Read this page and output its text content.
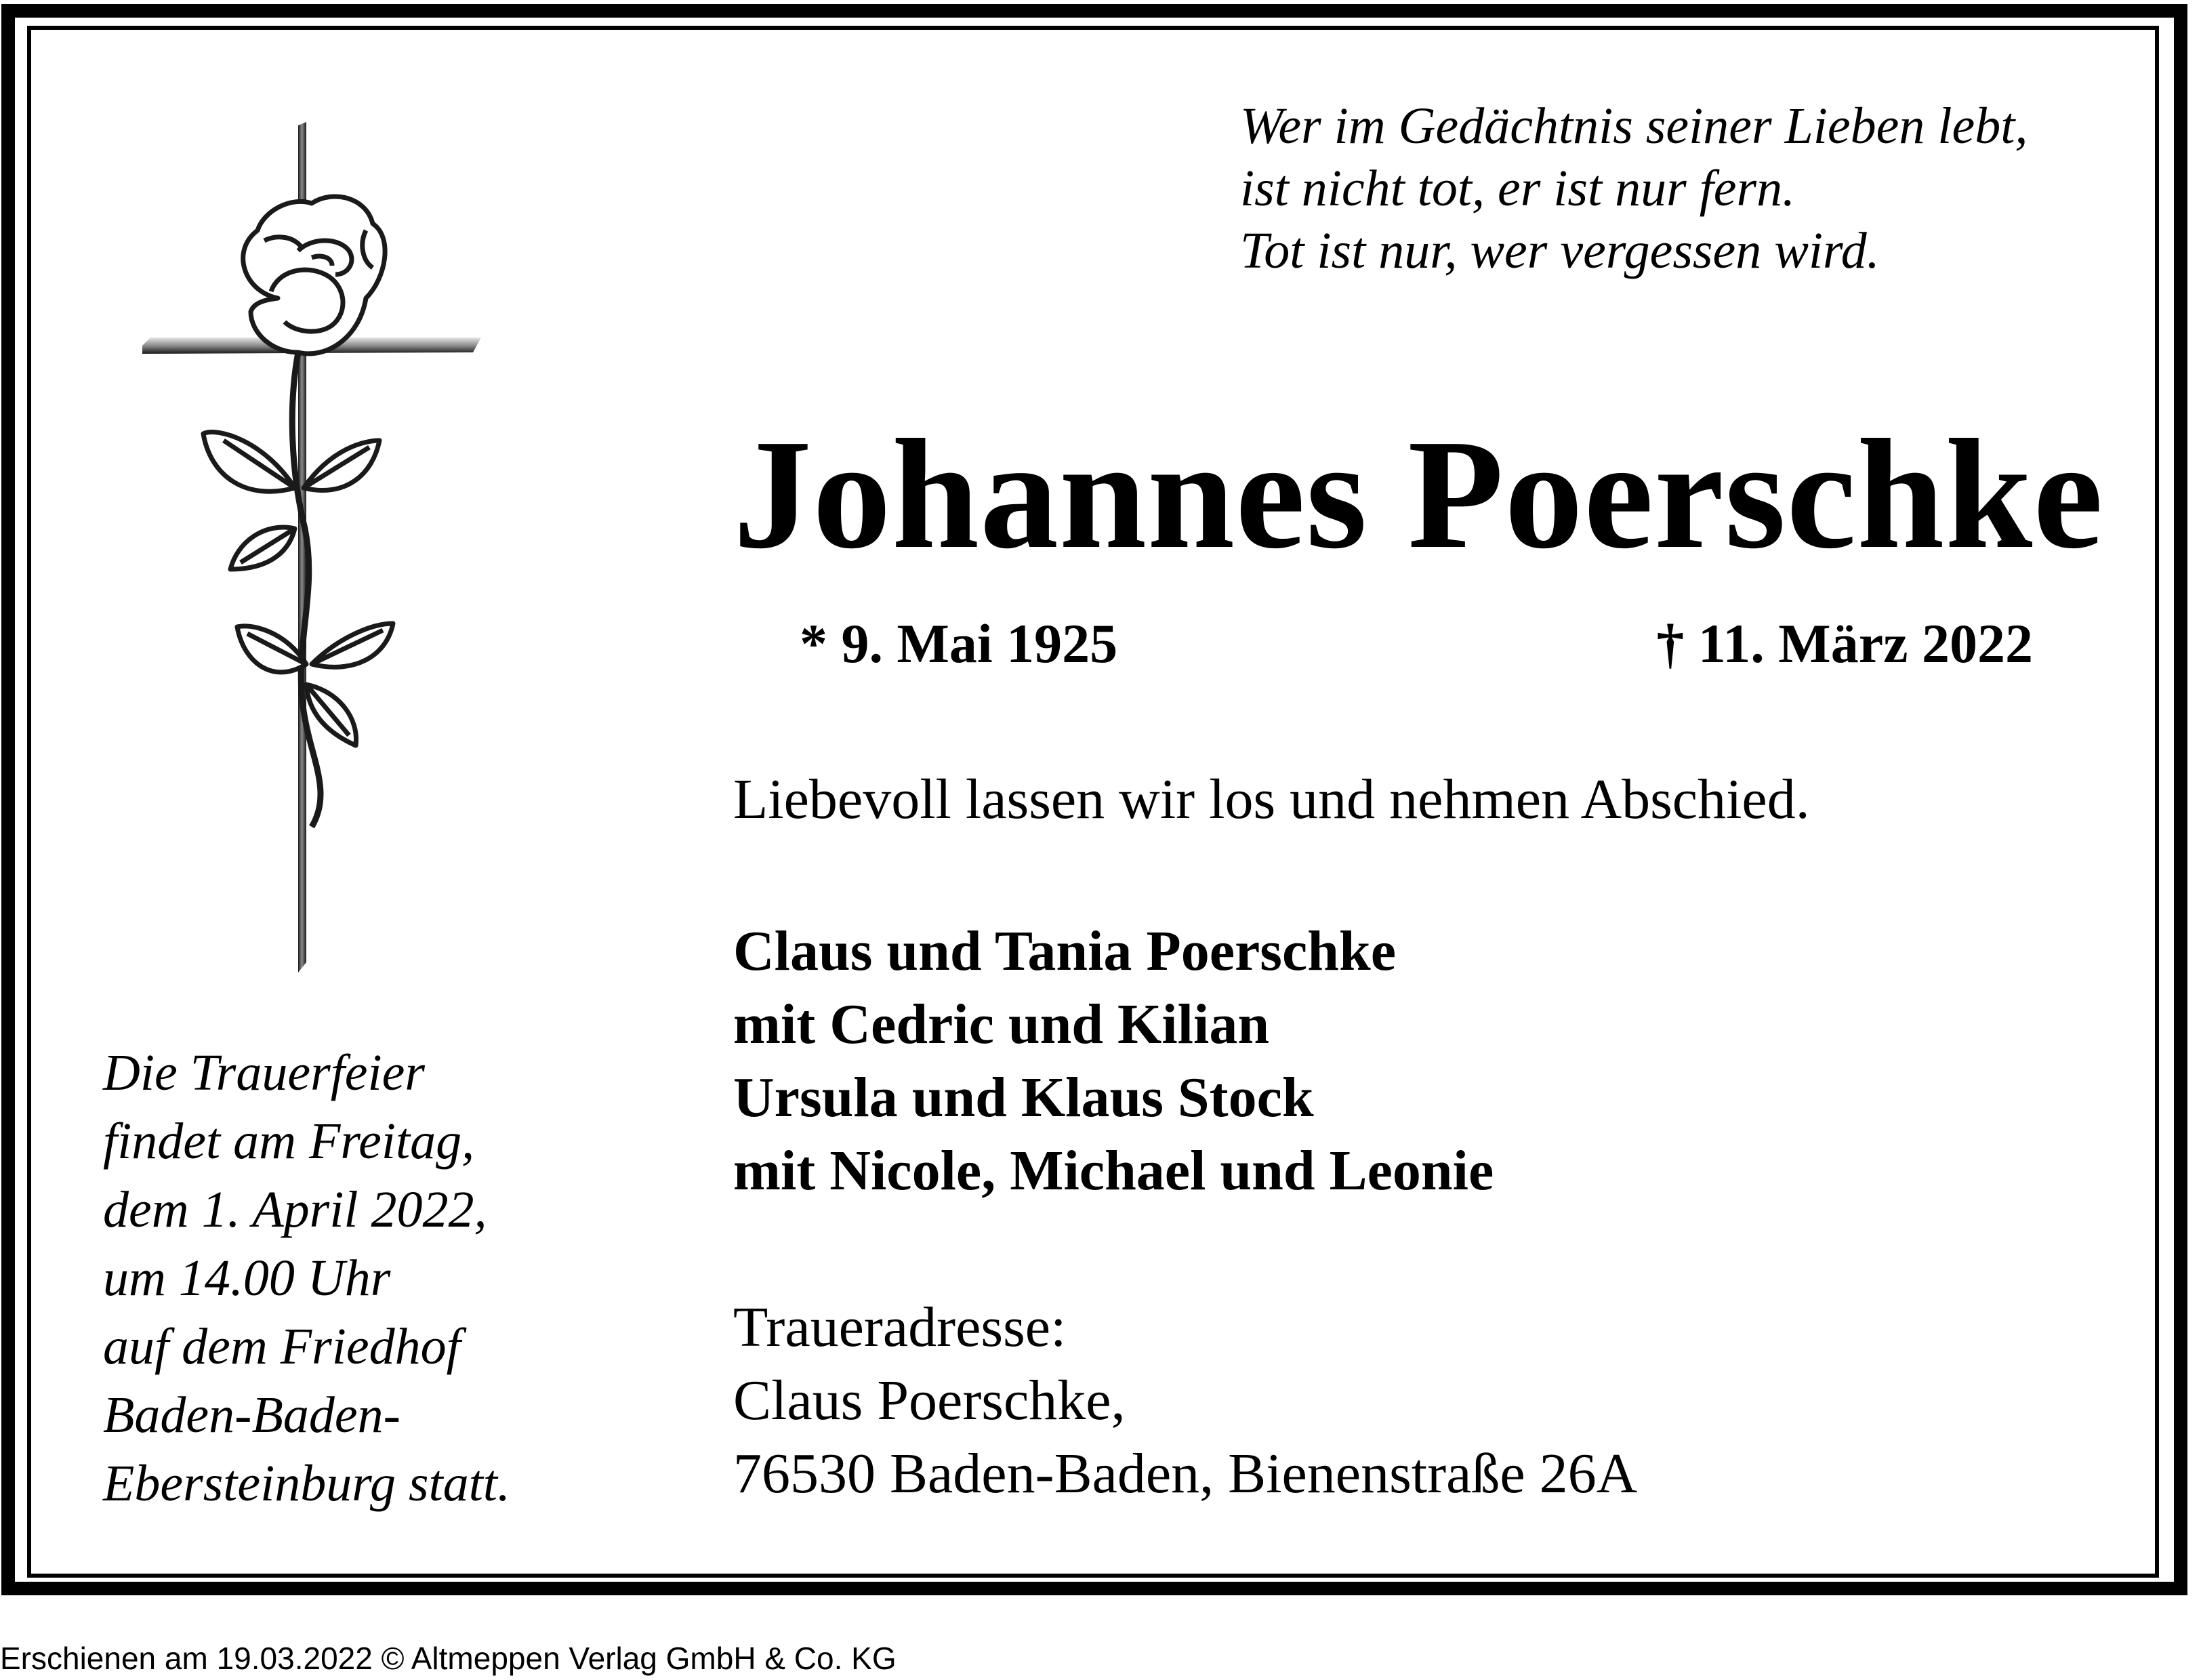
Wer im Gedächtnis seiner Lieben lebt,
ist nicht tot, er ist nur fern.
Tot ist nur, wer vergessen wird.
Johannes Poerschke
* 9. Mai 1925	† 11. März 2022
Liebevoll lassen wir los und nehmen Abschied.
Claus und Tania Poerschke
mit Cedric und Kilian
Ursula und Klaus Stock
mit Nicole, Michael und Leonie
Traueradresse:
Claus Poerschke,
76530 Baden-Baden, Bienenstraße 26A
Die Trauerfeier
findet am Freitag,
dem 1. April 2022,
um 14.00 Uhr
auf dem Friedhof
Baden-Baden-
Ebersteinburg statt.
Erschienen am 19.03.2022 © Altmeppen Verlag GmbH & Co. KG
